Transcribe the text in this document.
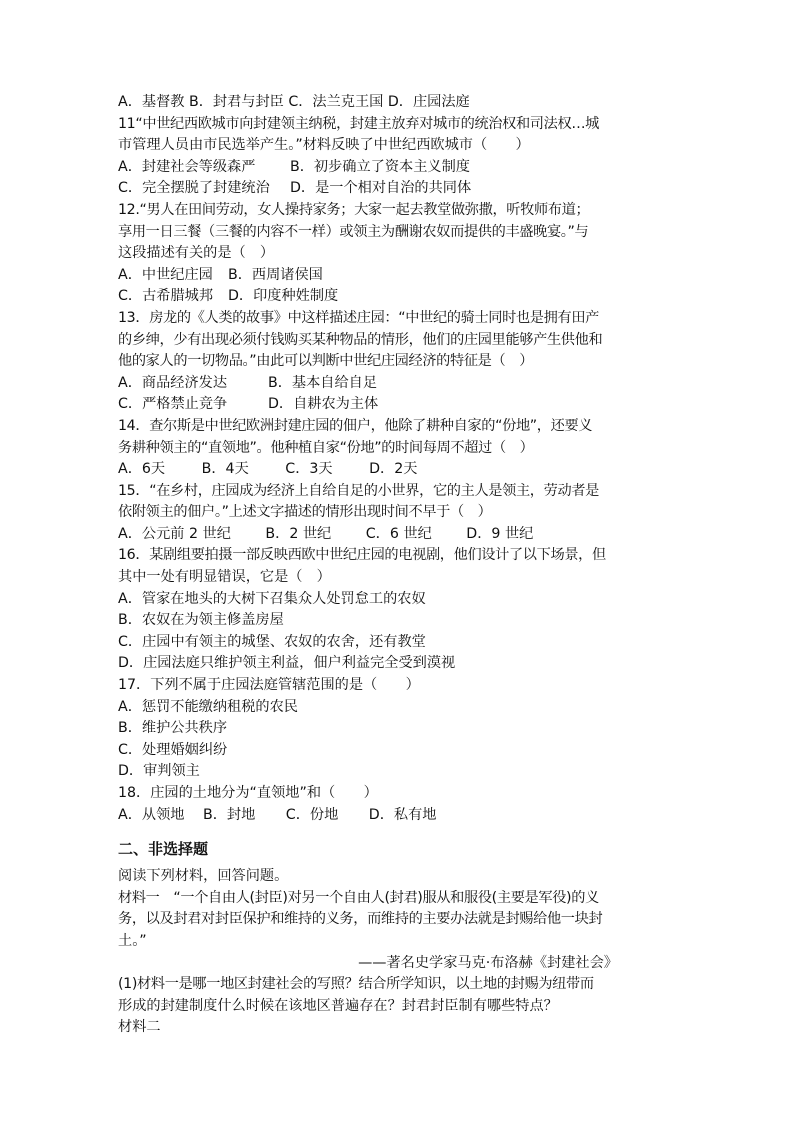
A．基督教 B．封君与封臣 C．法兰克王国 D．庄园法庭
11“中世纪西欧城市向封建领主纳税，封建主放弃对城市的统治权和司法权…城
市管理人员由市民选举产生。”材料反映了中世纪西欧城市（　　）
A．封建社会等级森严	B．初步确立了资本主义制度
C．完全摆脱了封建统治	D．是一个相对自治的共同体
12.“男人在田间劳动，女人操持家务；大家一起去教堂做弥撒，听牧师布道；
享用一日三餐（三餐的内容不一样）或领主为酬谢农奴而提供的丰盛晚宴。”与
这段描述有关的是（　）
A．中世纪庄园	B．西周诸侯国
C．古希腊城邦	D．印度种姓制度
13．房龙的《人类的故事》中这样描述庄园：“中世纪的骑士同时也是拥有田产
的乡绅，少有出现必须付钱购买某种物品的情形，他们的庄园里能够产生供他和
他的家人的一切物品。”由此可以判断中世纪庄园经济的特征是（　）
A．商品经济发达	B．基本自给自足
C．严格禁止竞争	D．自耕农为主体
14．查尔斯是中世纪欧洲封建庄园的佃户，他除了耕种自家的“份地”，还要义
务耕种领主的“直领地”。他种植自家“份地”的时间每周不超过（　）
A．6天	B．4天	C．3天	D．2天
15．“在乡村，庄园成为经济上自给自足的小世界，它的主人是领主，劳动者是
依附领主的佃户。”上述文字描述的情形出现时间不早于（　）
A．公元前 2 世纪 B．2 世纪 C．6 世纪 D．9 世纪
16．某剧组要拍摄一部反映西欧中世纪庄园的电视剧，他们设计了以下场景，但
其中一处有明显错误，它是（　）
A．管家在地头的大树下召集众人处罚怠工的农奴
B．农奴在为领主修盖房屋
C．庄园中有领主的城堡、农奴的农舍，还有教堂
D．庄园法庭只维护领主利益，佃户利益完全受到漠视
17．下列不属于庄园法庭管辖范围的是（　　）
A．惩罚不能缴纳租税的农民
B．维护公共秩序
C．处理婚姻纠纷
D．审判领主
18．庄园的土地分为“直领地”和（　　）
A．从领地 B．封地 C．份地 D．私有地
二、非选择题
阅读下列材料，回答问题。
材料一　“一个自由人(封臣)对另一个自由人(封君)服从和服役(主要是军役)的义
务，以及封君对封臣保护和维持的义务，而维持的主要办法就是封赐给他一块封
土。”
——著名史学家马克·布洛赫《封建社会》
(1)材料一是哪一地区封建社会的写照？结合所学知识，以土地的封赐为纽带而
形成的封建制度什么时候在该地区普遍存在？封君封臣制有哪些特点？
材料二
